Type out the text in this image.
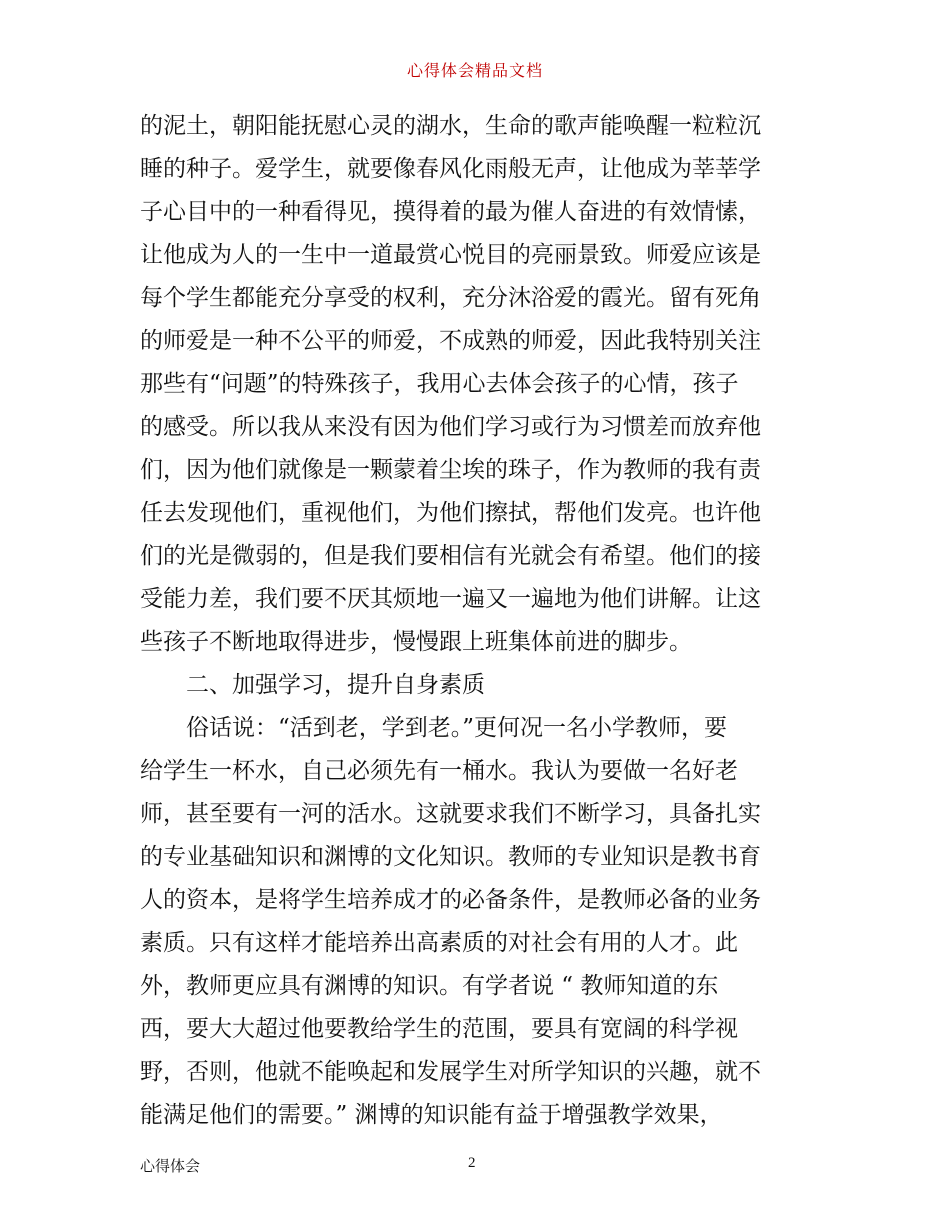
心得体会精品文档
的泥土，朝阳能抚慰心灵的湖水，生命的歌声能唤醒一粒粒沉
睡的种子。爱学生，就要像春风化雨般无声，让他成为莘莘学
子心目中的一种看得见，摸得着的最为催人奋进的有效情愫，
让他成为人的一生中一道最赏心悦目的亮丽景致。师爱应该是
每个学生都能充分享受的权利，充分沐浴爱的霞光。留有死角
的师爱是一种不公平的师爱，不成熟的师爱，因此我特别关注
那些有“问题”的特殊孩子，我用心去体会孩子的心情，孩子
的感受。所以我从来没有因为他们学习或行为习惯差而放弃他
们，因为他们就像是一颗蒙着尘埃的珠子，作为教师的我有责
任去发现他们，重视他们，为他们擦拭，帮他们发亮。也许他
们的光是微弱的，但是我们要相信有光就会有希望。他们的接
受能力差，我们要不厌其烦地一遍又一遍地为他们讲解。让这
些孩子不断地取得进步，慢慢跟上班集体前进的脚步。
　　二、加强学习，提升自身素质
　　俗话说：“活到老，学到老。”更何况一名小学教师，要
给学生一杯水，自己必须先有一桶水。我认为要做一名好老
师，甚至要有一河的活水。这就要求我们不断学习，具备扎实
的专业基础知识和渊博的文化知识。教师的专业知识是教书育
人的资本，是将学生培养成才的必备条件，是教师必备的业务
素质。只有这样才能培养出高素质的对社会有用的人才。此
外，教师更应具有渊博的知识。有学者说 “ 教师知道的东
西，要大大超过他要教给学生的范围，要具有宽阔的科学视
野，否则，他就不能唤起和发展学生对所学知识的兴趣，就不
能满足他们的需要。” 渊博的知识能有益于增强教学效果，
心得体会	2
